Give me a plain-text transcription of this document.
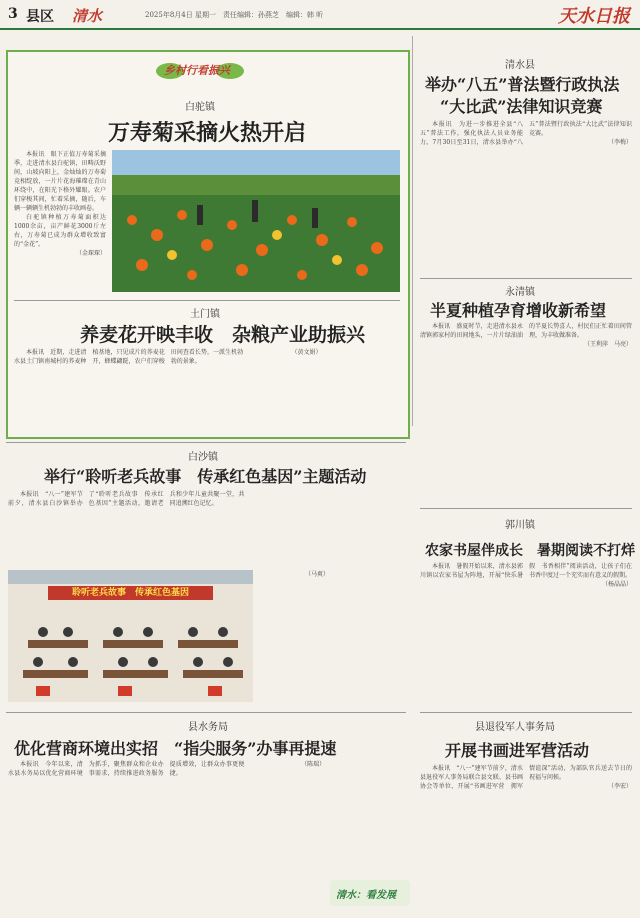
3 县区 清水	2025年8月4日 星期一　责任编辑：孙燕芝　编辑：韩 昕	天水日报
乡村行看振兴
白驼镇
万寿菊采摘火热开启

本报讯　眼下正值万寿菊采摘季，走进清水县白驼镇，田畴沃野间，山坡向阳上，金灿灿的万寿菊竞相绽放，一片片花海璀璨在青山环绕中，在阳光下格外耀眼。农户们穿梭其间，忙着采摘，随后，车辆一辆辆生机勃勃的丰收画卷。

白驼镇种植万寿菊面积达1000余亩，亩产鲜花3000斤左右，万寿菊已成为群众增收致富的“金花”。

（金琛琛）

土门镇
养麦花开映丰收　杂粮产业助振兴

本报讯　近期，走进清水县土门镇南城村的荞麦种植基地，只见成片的荞麦花开，蜂蝶翩跹，农户们穿梭田间查看长势，一派生机勃勃的景象。

（黄文娟）

清水县
举办“八五”普法暨行政执法
“大比武”法律知识竞赛

本报讯　为进一步推进全县“八五”普法工作，强化执法人员业务能力，7月30日至31日，清水县举办“八五”普法暨行政执法“大比武”法律知识竞赛。

（李梅）

永清镇
半夏种植孕育增收新希望

本报讯　盛夏时节，走进清水县永清镇郭家村的田间地头，一片片绿油油的半夏长势喜人，村民们正忙着田间管理，为丰收做准备。

（王利萍　马亮）

白沙镇
举行“聆听老兵故事　传承红色基因”主题活动

本报讯　“八一”建军节前夕，清水县白沙镇举办了“聆听老兵故事　传承红色基因”主题活动，邀请老兵和少年儿童共聚一堂，共同追溯红色记忆。

聆听老兵故事　传承红色基因

（马爽）

郭川镇
农家书屋伴成长　暑期阅读不打烊

本报讯　暑假开始以来，清水县郭川镇以农家书屋为阵地，开展“快乐暑假　书香相伴”阅读活动，让孩子们在书香中度过一个充实而有意义的假期。

（杨晶晶）

县水务局
优化营商环境出实招　“指尖服务”办事再提速

本报讯　今年以来，清水县水务局以优化营商环境为抓手，聚焦群众和企业办事需求，持续推进政务服务提质增效，让群众办事更便捷。

（陈瑞）

清水：看发展
县退役军人事务局
开展书画进军营活动

本报讯　“八一”建军节前夕，清水县退役军人事务局联合县文联、县书画协会等单位，开展“书画进军营　拥军情谊深”活动，为部队官兵送去节日的祝福与问候。

（李宏）
